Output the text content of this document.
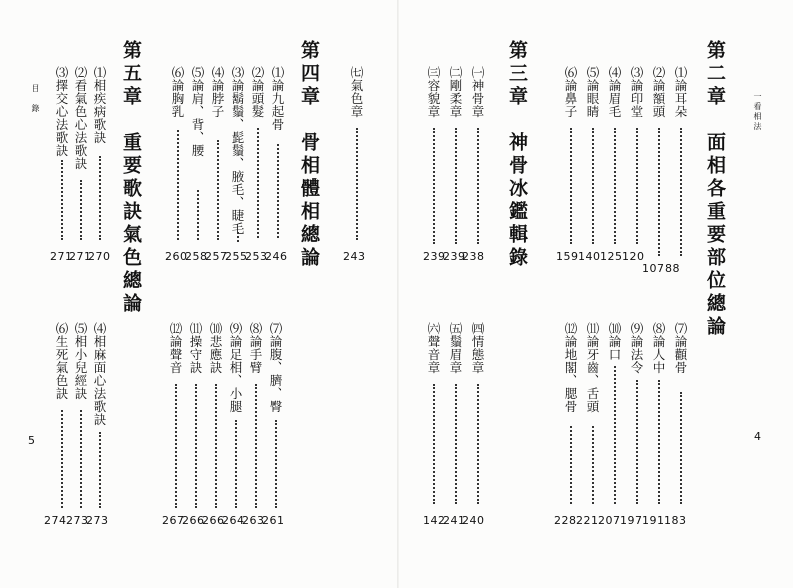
一看相法
目　錄
4
5
第二章　面相各重要部位總論
⑴論耳朵
88
⑵論額頭
107
⑶論印堂
120
⑷論眉毛
125
⑸論眼睛
140
⑹論鼻子
159
⑺論顴骨
183
⑻論人中
191
⑼論法令
197
⑽論口
207
⑾論牙齒、舌頭
221
⑿論地閣、腮骨
228
第三章　神骨冰鑑輯錄
㈠神骨章
238
㈡剛柔章
239
㈢容貌章
239
㈣情態章
240
㈤鬚眉章
241
㈥聲音章
142
㈦氣色章
243
第四章　骨相體相總論
⑴論九起骨
246
⑵論頭髮
253
⑶論鬍鬚、髭鬚、腋毛、睫毛
255
⑷論脖子
257
⑸論肩、背、腰
258
⑹論胸乳
260
⑺論腹、臍、臀
261
⑻論手臂
263
⑼論足相、小腿
264
⑽悲應訣
266
⑾操守訣
266
⑿論聲音
267
第五章　重要歌訣氣色總論
⑴相疾病歌訣
270
⑵看氣色心法歌訣
271
⑶擇交心法歌訣
271
⑷相麻面心法歌訣
273
⑸相小兒經訣
273
⑹生死氣色訣
274
